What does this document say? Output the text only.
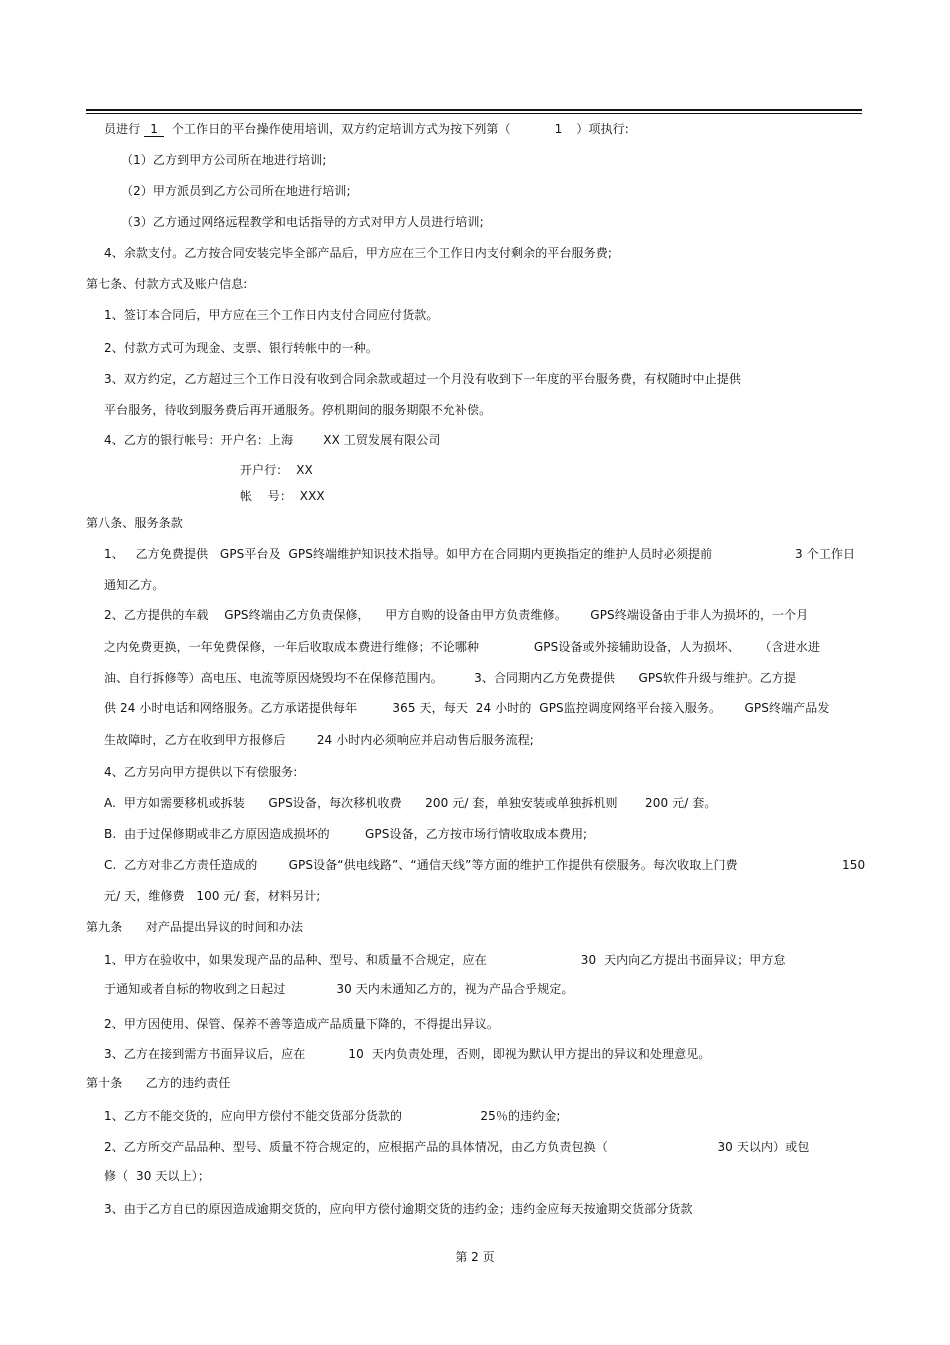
员进行 1 个工作日的平台操作使用培训，双方约定培训方式为按下列第（	1 ）项执行:

（1）乙方到甲方公司所在地进行培训;

（2）甲方派员到乙方公司所在地进行培训;

（3）乙方通过网络远程教学和电话指导的方式对甲方人员进行培训;

4、余款支付。乙方按合同安装完毕全部产品后，甲方应在三个工作日内支付剩余的平台服务费;

第七条、付款方式及账户信息:

1、签订本合同后，甲方应在三个工作日内支付合同应付货款。

2、付款方式可为现金、支票、银行转帐中的一种。

3、双方约定，乙方超过三个工作日没有收到合同余款或超过一个月没有收到下一年度的平台服务费，有权随时中止提供

平台服务，待收到服务费后再开通服务。停机期间的服务期限不允补偿。

4、乙方的银行帐号：开户名：上海	XX 工贸发展有限公司

开户行：  XX

帐    号：  XXX

第八条、服务条款

1、   乙方免费提供   GPS平台及  GPS终端维护知识技术指导。如甲方在合同期内更换指定的维护人员时必须提前	3 个工作日

通知乙方。

2、乙方提供的车载    GPS终端由乙方负责保修，    甲方自购的设备由甲方负责维修。      GPS终端设备由于非人为损坏的，一个月

之内免费更换，一年免费保修，一年后收取成本费进行维修；不论哪种              GPS设备或外接辅助设备，人为损坏、     （含进水进

油、自行拆修等）高电压、电流等原因烧毁均不在保修范围内。        3、合同期内乙方免费提供      GPS软件升级与维护。乙方提

供 24 小时电话和网络服务。乙方承诺提供每年         365 天，每天  24 小时的  GPS监控调度网络平台接入服务。      GPS终端产品发

生故障时，乙方在收到甲方报修后        24 小时内必须响应并启动售后服务流程;

4、乙方另向甲方提供以下有偿服务:

A.  甲方如需要移机或拆装      GPS设备，每次移机收费      200 元/ 套，单独安装或单独拆机则       200 元/ 套。

B.  由于过保修期或非乙方原因造成损坏的         GPS设备，乙方按市场行情收取成本费用;

C.  乙方对非乙方责任造成的        GPS设备“供电线路”、“通信天线”等方面的维护工作提供有偿服务。每次收取上门费	150

元/ 天，维修费   100 元/ 套，材料另计;

第九条      对产品提出异议的时间和办法

1、甲方在验收中，如果发现产品的品种、型号、和质量不合规定，应在                        30  天内向乙方提出书面异议；甲方怠

于通知或者自标的物收到之日起过             30 天内未通知乙方的，视为产品合乎规定。

2、甲方因使用、保管、保养不善等造成产品质量下降的，不得提出异议。

3、乙方在接到需方书面异议后，应在           10  天内负责处理，否则，即视为默认甲方提出的异议和处理意见。

第十条      乙方的违约责任

1、乙方不能交货的，应向甲方偿付不能交货部分货款的                    25％的违约金;

2、乙方所交产品品种、型号、质量不符合规定的，应根据产品的具体情况，由乙方负责包换（                            30 天以内）或包

修（  30 天以上）；

3、由于乙方自已的原因造成逾期交货的，应向甲方偿付逾期交货的违约金；违约金应每天按逾期交货部分货款

第 2 页
